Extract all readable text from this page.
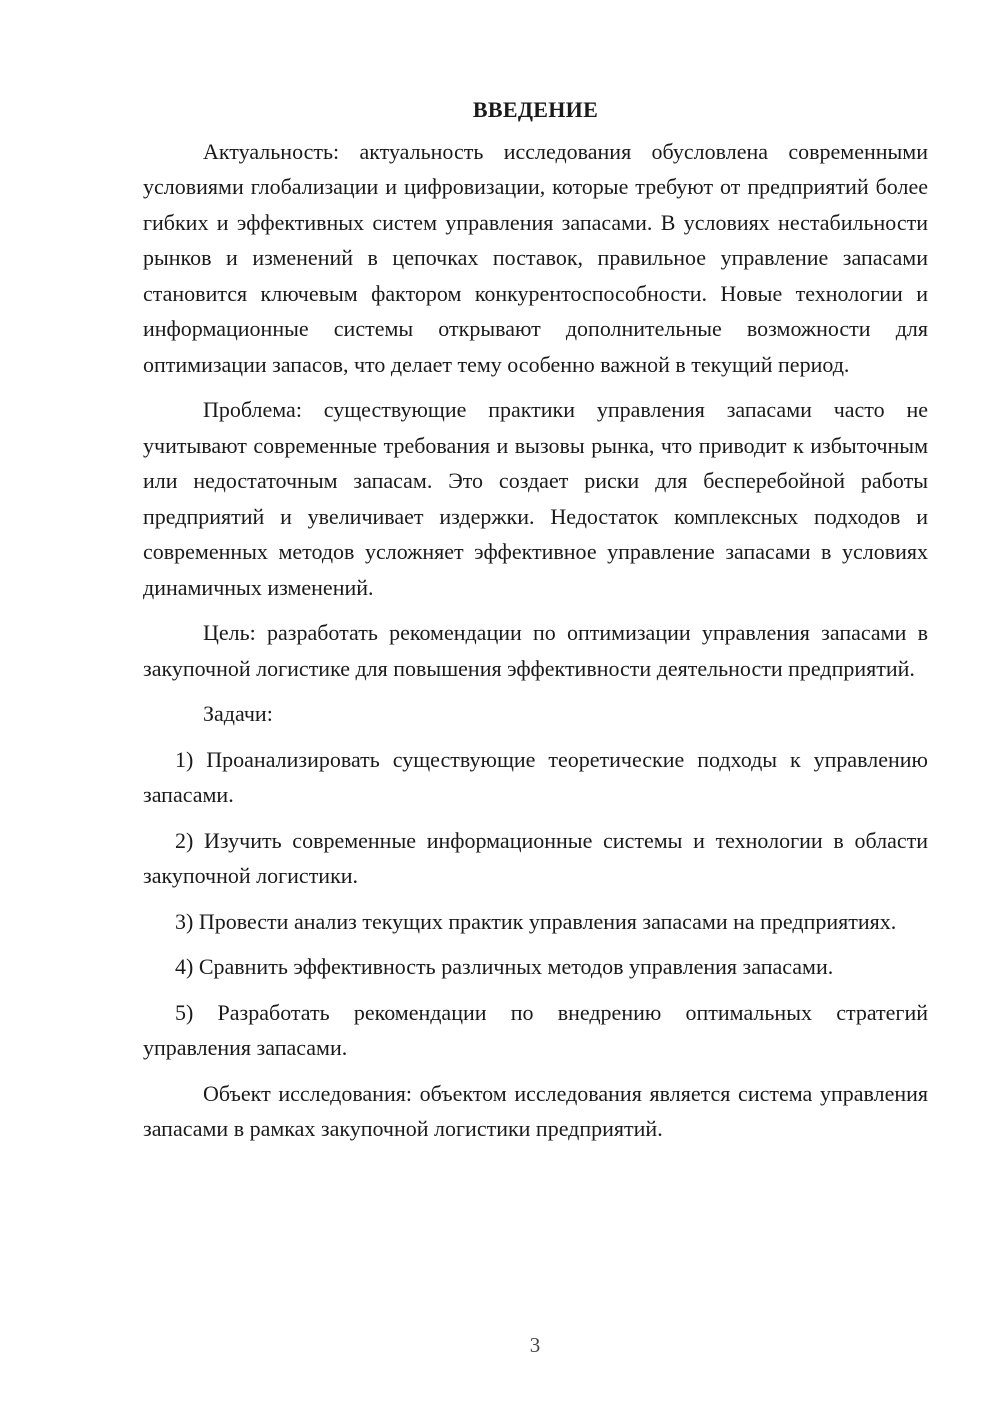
ВВЕДЕНИЕ

Актуальность: актуальность исследования обусловлена современными условиями глобализации и цифровизации, которые требуют от предприятий более гибких и эффективных систем управления запасами. В условиях нестабильности рынков и изменений в цепочках поставок, правильное управление запасами становится ключевым фактором конкурентоспособности. Новые технологии и информационные системы открывают дополнительные возможности для оптимизации запасов, что делает тему особенно важной в текущий период.

Проблема: существующие практики управления запасами часто не учитывают современные требования и вызовы рынка, что приводит к избыточным или недостаточным запасам. Это создает риски для бесперебойной работы предприятий и увеличивает издержки. Недостаток комплексных подходов и современных методов усложняет эффективное управление запасами в условиях динамичных изменений.

Цель: разработать рекомендации по оптимизации управления запасами в закупочной логистике для повышения эффективности деятельности предприятий.

Задачи:

1) Проанализировать существующие теоретические подходы к управлению запасами.

2) Изучить современные информационные системы и технологии в области закупочной логистики.

3) Провести анализ текущих практик управления запасами на предприятиях.

4) Сравнить эффективность различных методов управления запасами.

5) Разработать рекомендации по внедрению оптимальных стратегий управления запасами.

Объект исследования: объектом исследования является система управления запасами в рамках закупочной логистики предприятий.

3
